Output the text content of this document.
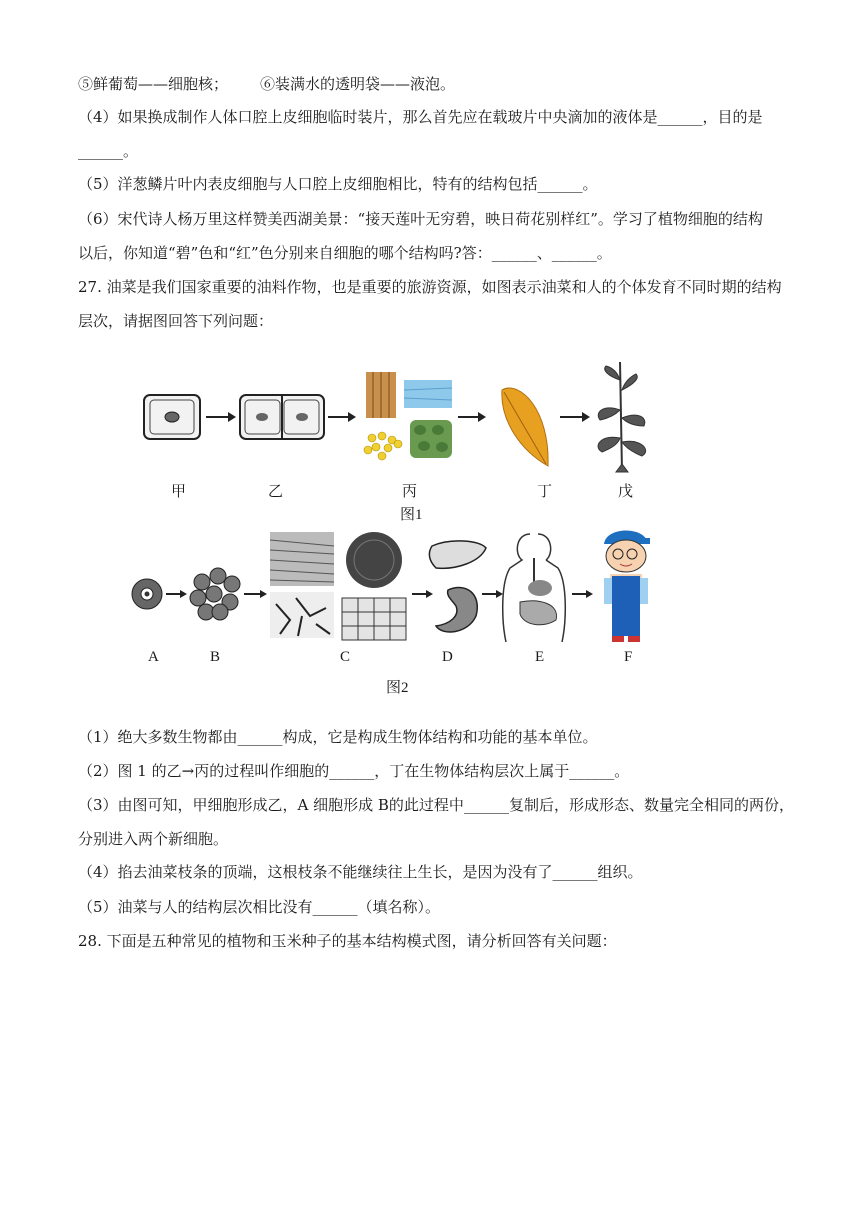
⑤鲜葡萄——细胞核； ⑥装满水的透明袋——液泡。
（4）如果换成制作人体口腔上皮细胞临时装片，那么首先应在载玻片中央滴加的液体是______，目的是
______。
（5）洋葱鳞片叶内表皮细胞与人口腔上皮细胞相比，特有的结构包括______。
（6）宋代诗人杨万里这样赞美西湖美景：“接天莲叶无穷碧，映日荷花别样红”。学习了植物细胞的结构
以后，你知道“碧”色和“红”色分别来自细胞的哪个结构吗?答：______、______。
27. 油菜是我们国家重要的油料作物，也是重要的旅游资源，如图表示油菜和人的个体发育不同时期的结构
层次，请据图回答下列问题：
甲	乙	丙	丁	戊
图1
A	B	C	D	E	F
图2
（1）绝大多数生物都由______构成，它是构成生物体结构和功能的基本单位。
（2）图 1 的乙→丙的过程叫作细胞的______，丁在生物体结构层次上属于______。
（3）由图可知，甲细胞形成乙，A 细胞形成 B的此过程中______复制后，形成形态、数量完全相同的两份，
分别进入两个新细胞。
（4）掐去油菜枝条的顶端，这根枝条不能继续往上生长，是因为没有了______组织。
（5）油菜与人的结构层次相比没有______（填名称）。
28. 下面是五种常见的植物和玉米种子的基本结构模式图，请分析回答有关问题：
